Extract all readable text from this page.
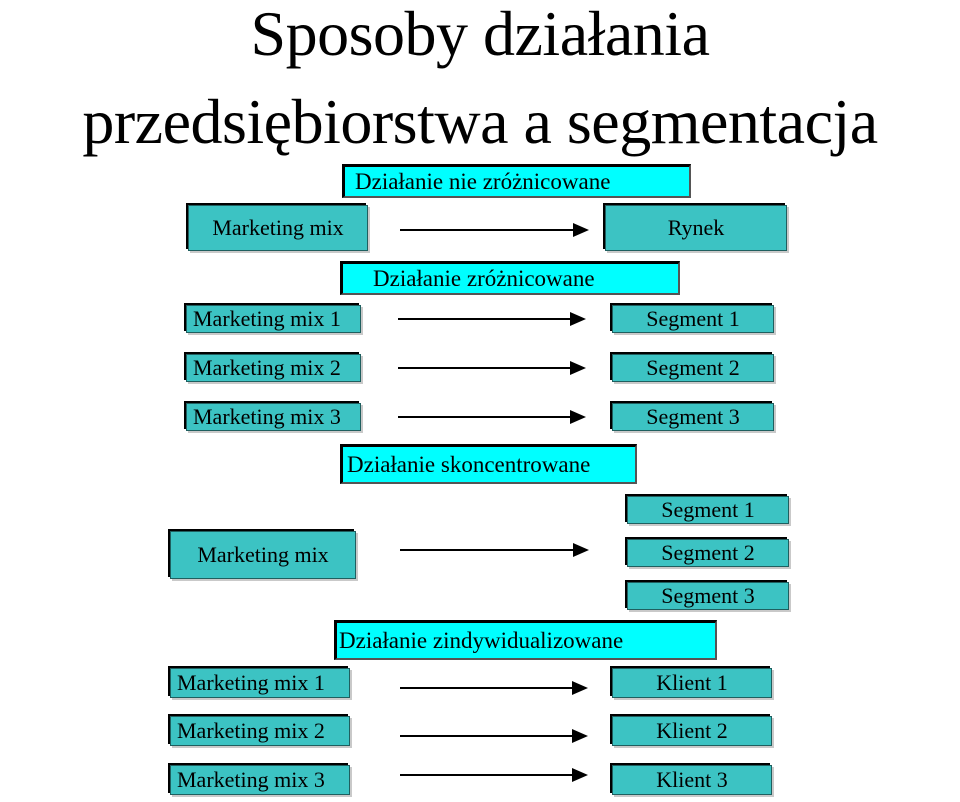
Sposoby działania
przedsiębiorstwa a segmentacja
Działanie nie zróżnicowane
Marketing mix	Rynek
Działanie zróżnicowane
Marketing mix 1	Segment 1
Marketing mix 2	Segment 2
Marketing mix 3	Segment 3
Działanie skoncentrowane
Marketing mix
Segment 1
Segment 2
Segment 3
Działanie zindywidualizowane
Marketing mix 1	Klient 1
Marketing mix 2	Klient 2
Marketing mix 3	Klient 3
